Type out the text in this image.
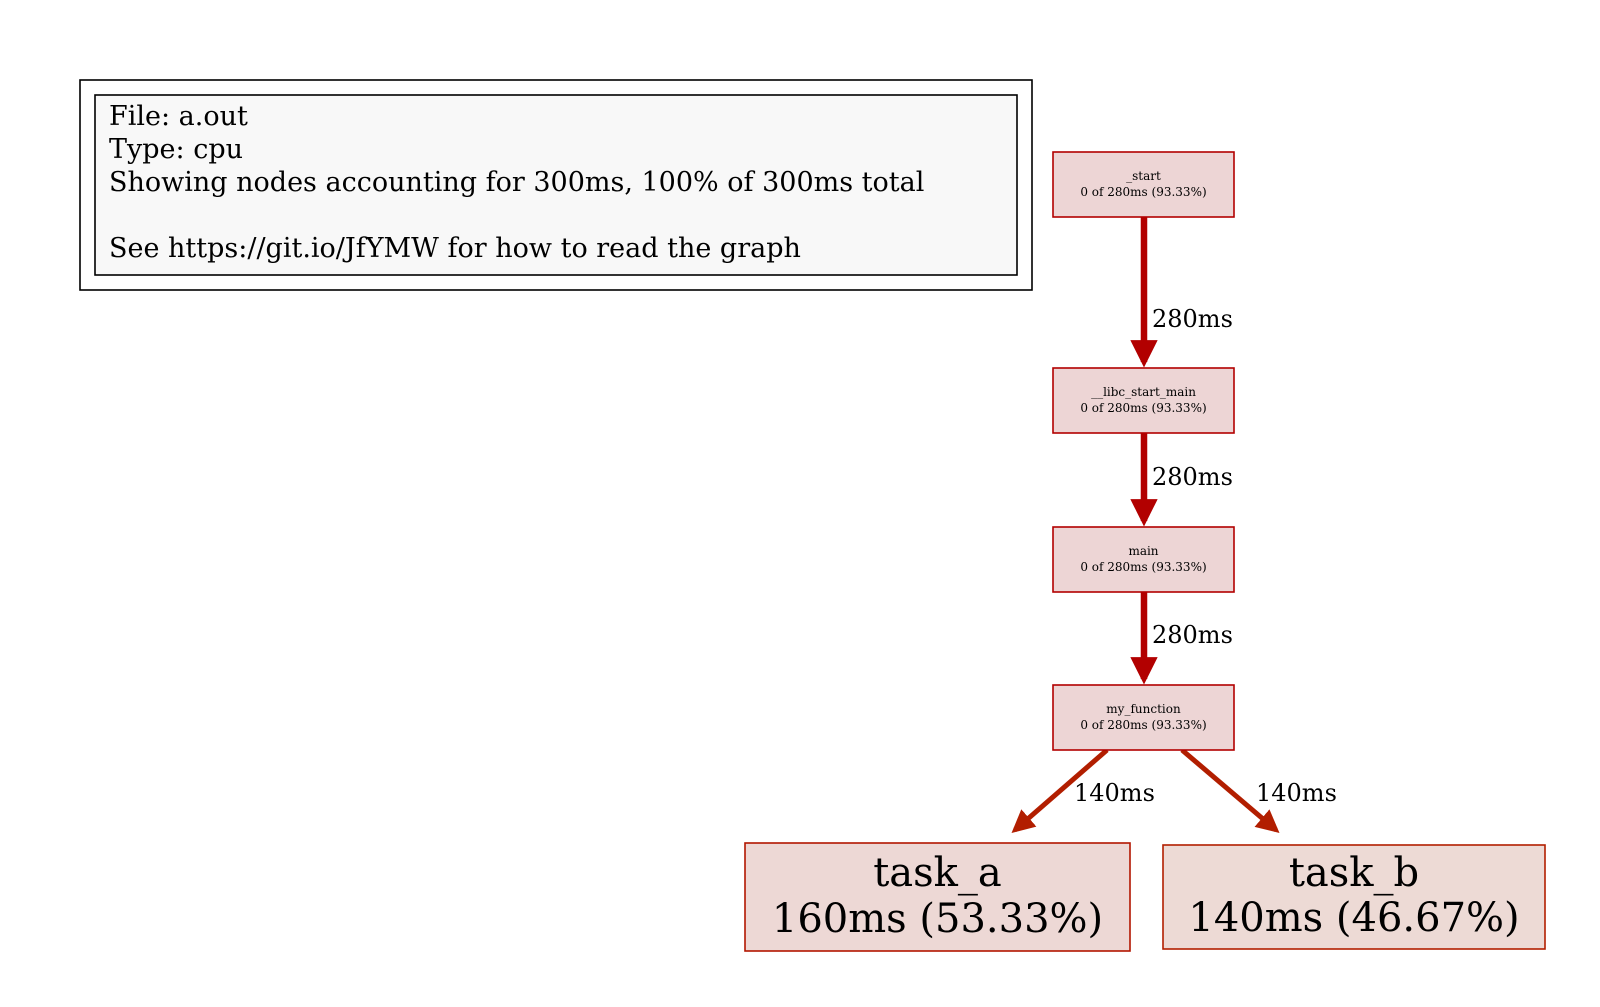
File: a.out
Type: cpu
Showing nodes accounting for 300ms, 100% of 300ms total
See https://git.io/JfYMW for how to read the graph
280ms
280ms
280ms
140ms	140ms
_start
0 of 280ms (93.33%)
__libc_start_main
0 of 280ms (93.33%)
main
0 of 280ms (93.33%)
my_function
0 of 280ms (93.33%)
task_a
160ms (53.33%)
task_b
140ms (46.67%)
